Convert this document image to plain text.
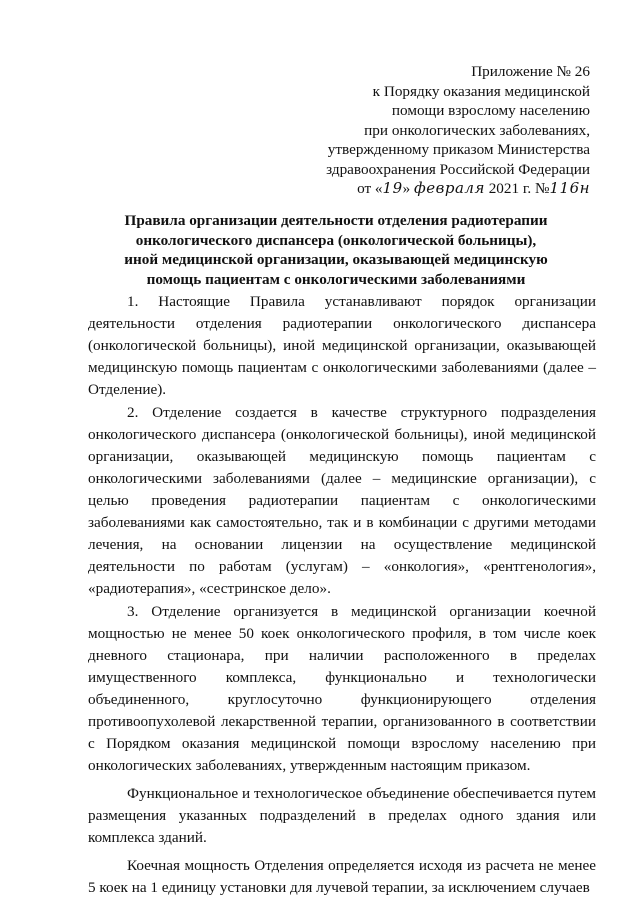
Приложение № 26
к Порядку оказания медицинской
помощи взрослому населению
при онкологических заболеваниях,
утвержденному приказом Министерства
здравоохранения Российской Федерации
от «19» февраля 2021 г. №116н
Правила организации деятельности отделения радиотерапии
онкологического диспансера (онкологической больницы),
иной медицинской организации, оказывающей медицинскую
помощь пациентам с онкологическими заболеваниями

1. Настоящие Правила устанавливают порядок организации деятельности отделения радиотерапии онкологического диспансера (онкологической больницы), иной медицинской организации, оказывающей медицинскую помощь пациентам с онкологическими заболеваниями (далее – Отделение).

2. Отделение создается в качестве структурного подразделения онкологического диспансера (онкологической больницы), иной медицинской организации, оказывающей медицинскую помощь пациентам с онкологическими заболеваниями (далее – медицинские организации), с целью проведения радиотерапии пациентам с онкологическими заболеваниями как самостоятельно, так и в комбинации с другими методами лечения, на основании лицензии на осуществление медицинской деятельности по работам (услугам) – «онкология», «рентгенология», «радиотерапия», «сестринское дело».

3. Отделение организуется в медицинской организации коечной мощностью не менее 50 коек онкологического профиля, в том числе коек дневного стационара, при наличии расположенного в пределах имущественного комплекса, функционально и технологически объединенного, круглосуточно функционирующего отделения противоопухолевой лекарственной терапии, организованного в соответствии с Порядком оказания медицинской помощи взрослому населению при онкологических заболеваниях, утвержденным настоящим приказом.

Функциональное и технологическое объединение обеспечивается путем размещения указанных подразделений в пределах одного здания или комплекса зданий.

Коечная мощность Отделения определяется исходя из расчета не менее 5 коек на 1 единицу установки для лучевой терапии, за исключением случаев
